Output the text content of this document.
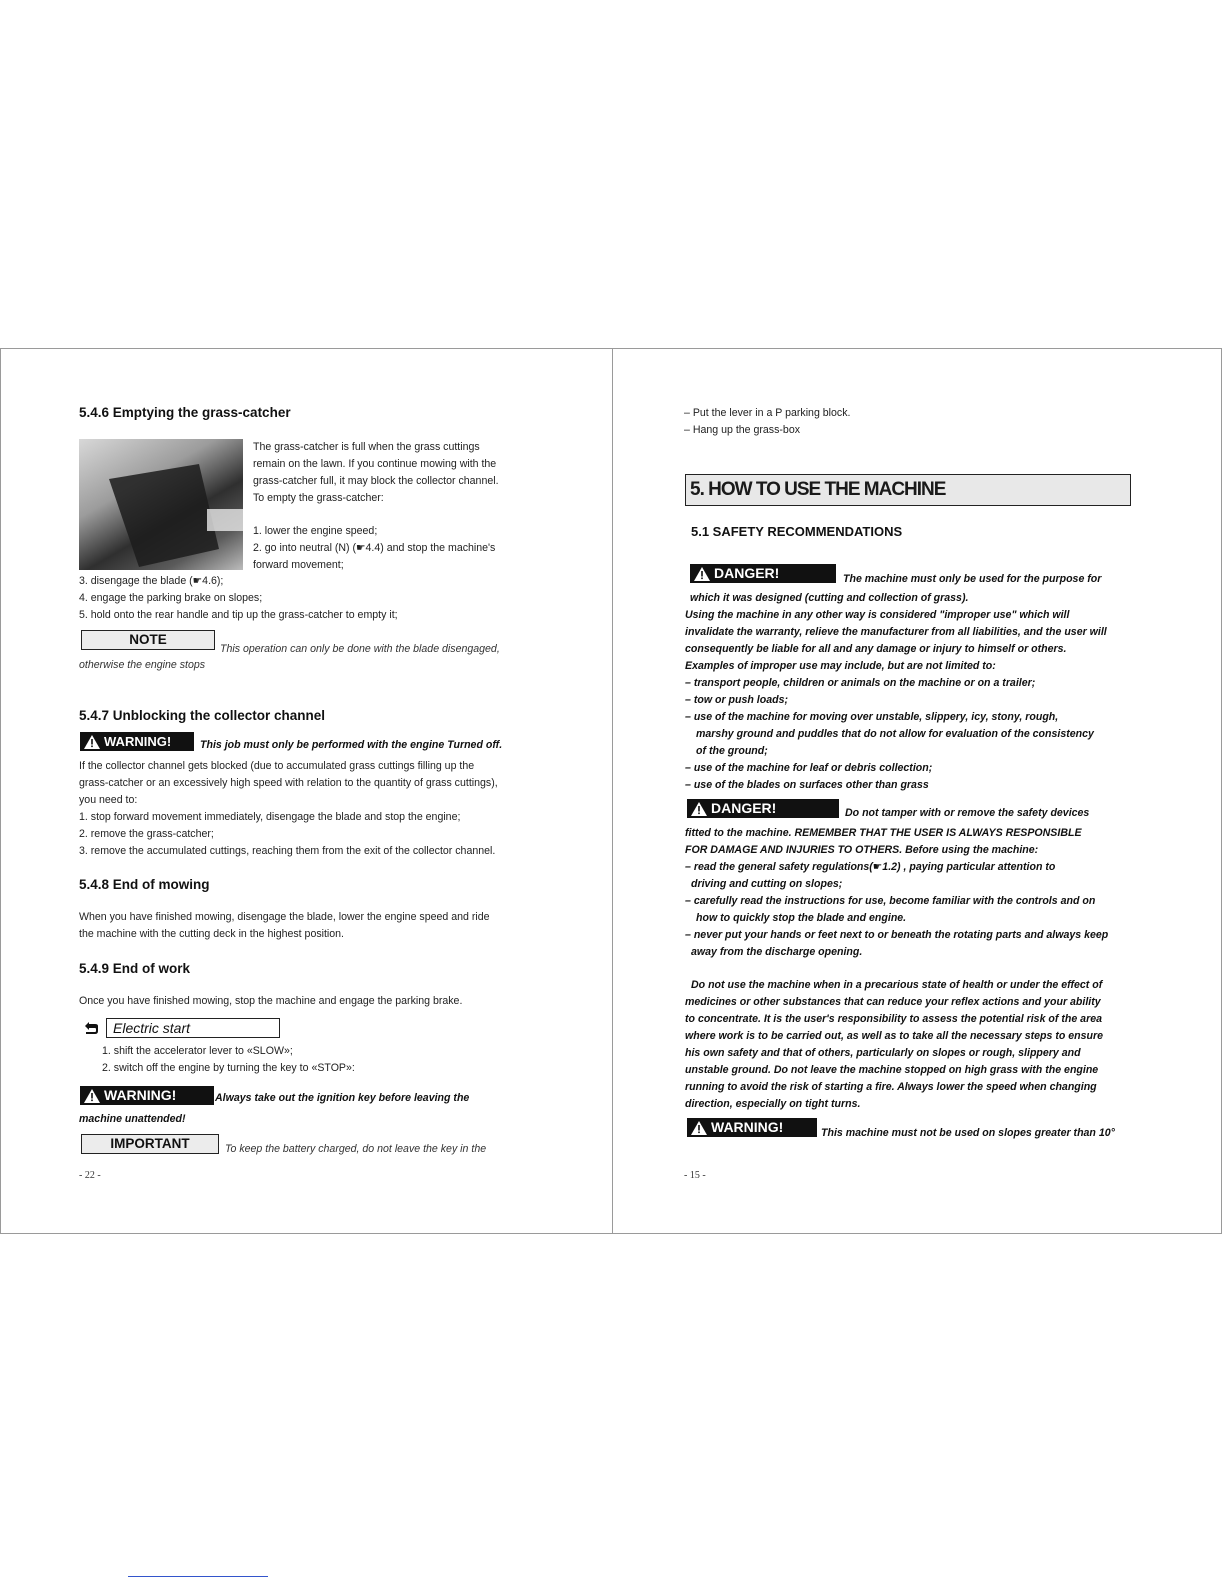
5.4.6 Emptying the grass-catcher
The grass-catcher is full when the grass cuttings
remain on the lawn. If you continue mowing with the
grass-catcher full, it may block the collector channel.
To empty the grass-catcher:
1. lower the engine speed;
2. go into neutral (N) (☛4.4) and stop the machine's
forward movement;
3. disengage the blade (☛4.6);
4. engage the parking brake on slopes;
5. hold onto the rear handle and tip up the grass-catcher to empty it;
NOTE
This operation can only be done with the blade disengaged,
otherwise the engine stops
5.4.7 Unblocking the collector channel
WARNING!	This job must only be performed with the engine Turned off.
If the collector channel gets blocked (due to accumulated grass cuttings filling up the
grass-catcher or an excessively high speed with relation to the quantity of grass cuttings),
you need to:
1. stop forward movement immediately, disengage the blade and stop the engine;
2. remove the grass-catcher;
3. remove the accumulated cuttings, reaching them from the exit of the collector channel.
5.4.8 End of mowing
When you have finished mowing, disengage the blade, lower the engine speed and ride
the machine with the cutting deck in the highest position.
5.4.9 End of work
Once you have finished mowing, stop the machine and engage the parking brake.
Electric start
1. shift the accelerator lever to «SLOW»;
2. switch off the engine by turning the key to «STOP»:
WARNING!	Always take out the ignition key before leaving the
machine unattended!
IMPORTANT	To keep the battery charged, do not leave the key in the
- 22 -
– Put the lever in a P parking block.
– Hang up the grass-box
5. HOW TO USE THE MACHINE
5.1 SAFETY RECOMMENDATIONS
DANGER!	The machine must only be used for the purpose for
which it was designed (cutting and collection of grass).
Using the machine in any other way is considered "improper use" which will
invalidate the warranty, relieve the manufacturer from all liabilities, and the user will
consequently be liable for all and any damage or injury to himself or others.
Examples of improper use may include, but are not limited to:
– transport people, children or animals on the machine or on a trailer;
– tow or push loads;
– use of the machine for moving over unstable, slippery, icy, stony, rough,
marshy ground and puddles that do not allow for evaluation of the consistency
of the ground;
– use of the machine for leaf or debris collection;
– use of the blades on surfaces other than grass
DANGER!	Do not tamper with or remove the safety devices
fitted to the machine. REMEMBER THAT THE USER IS ALWAYS RESPONSIBLE
FOR DAMAGE AND INJURIES TO OTHERS. Before using the machine:
– read the general safety regulations(☛1.2) , paying particular attention to
driving and cutting on slopes;
– carefully read the instructions for use, become familiar with the controls and on
how to quickly stop the blade and engine.
– never put your hands or feet next to or beneath the rotating parts and always keep
away from the discharge opening.
Do not use the machine when in a precarious state of health or under the effect of
medicines or other substances that can reduce your reflex actions and your ability
to concentrate. It is the user's responsibility to assess the potential risk of the area
where work is to be carried out, as well as to take all the necessary steps to ensure
his own safety and that of others, particularly on slopes or rough, slippery and
unstable ground. Do not leave the machine stopped on high grass with the engine
running to avoid the risk of starting a fire. Always lower the speed when changing
direction, especially on tight turns.
WARNING!	This machine must not be used on slopes greater than 10°
- 15 -
